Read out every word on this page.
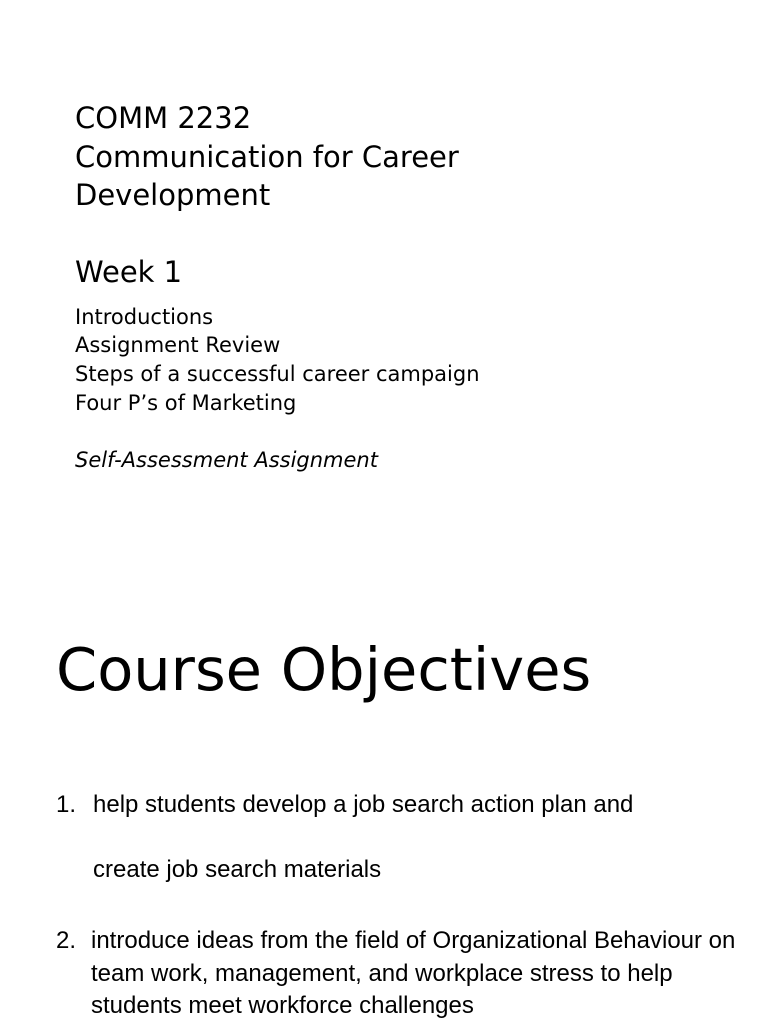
COMM 2232
Communication for Career
Development
Week 1
Introductions
Assignment Review
Steps of a successful career campaign
Four P’s of Marketing
Self-Assessment Assignment
Course Objectives
1. help students develop a job search action plan and
create job search materials
2. introduce ideas from the field of Organizational Behaviour on team work, management, and workplace stress to help students meet workforce challenges
